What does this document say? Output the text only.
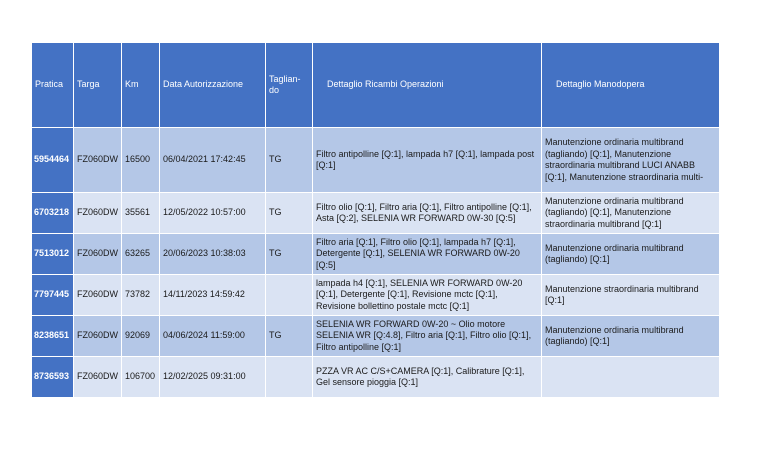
Pratica	Targa	Km	Data Autorizzazione	Taglian-do	Dettaglio Ricambi Operazioni	Dettaglio Manodopera
5954464	FZ060DW	16500	06/04/2021 17:42:45	TG	Filtro antipolline [Q:1], lampada h7 [Q:1], lampada post [Q:1]	Manutenzione ordinaria multibrand (tagliando) [Q:1], Manutenzione straordinaria multibrand LUCI ANABB [Q:1], Manutenzione straordinaria multi-
6703218	FZ060DW	35561	12/05/2022 10:57:00	TG	Filtro olio [Q:1], Filtro aria [Q:1], Filtro antipolline [Q:1], Asta [Q:2], SELENIA WR FORWARD 0W-30 [Q:5]	Manutenzione ordinaria multibrand (tagliando) [Q:1], Manutenzione straordinaria multibrand [Q:1]
7513012	FZ060DW	63265	20/06/2023 10:38:03	TG	Filtro aria [Q:1], Filtro olio [Q:1], lampada h7 [Q:1], Detergente [Q:1], SELENIA WR FORWARD 0W-20 [Q:5]	Manutenzione ordinaria multibrand (tagliando) [Q:1]
7797445	FZ060DW	73782	14/11/2023 14:59:42		lampada h4 [Q:1], SELENIA WR FORWARD 0W-20 [Q:1], Detergente [Q:1], Revisione mctc [Q:1], Revisione bollettino postale mctc [Q:1]	Manutenzione straordinaria multibrand [Q:1]
8238651	FZ060DW	92069	04/06/2024 11:59:00	TG	SELENIA WR FORWARD 0W-20 ~ Olio motore SELENIA WR [Q:4.8], Filtro aria [Q:1], Filtro olio [Q:1], Filtro antipolline [Q:1]	Manutenzione ordinaria multibrand (tagliando) [Q:1]
8736593	FZ060DW	106700	12/02/2025 09:31:00		PZZA VR AC C/S+CAMERA [Q:1], Calibrature [Q:1], Gel sensore pioggia [Q:1]	
